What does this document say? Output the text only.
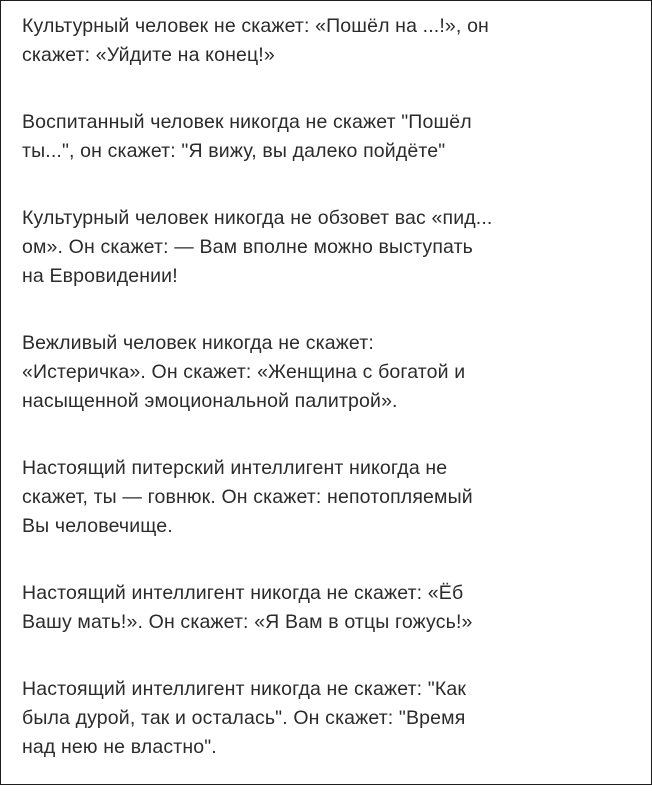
Культурный человек не скажет: «Пошёл на ...!», он
скажет: «Уйдите на конец!»
Воспитанный человек никогда не скажет "Пошёл
ты...", он скажет: "Я вижу, вы далеко пойдёте"
Культурный человек никогда не обзовет вас «пид...
ом». Он скажет: — Вам вполне можно выступать
на Евровидении!
Вежливый человек никогда не скажет:
«Истеричка». Он скажет: «Женщина с богатой и
насыщенной эмоциональной палитрой».
Настоящий питерский интеллигент никогда не
скажет, ты — говнюк. Он скажет: непотопляемый
Вы человечище.
Настоящий интеллигент никогда не скажет: «Ёб
Вашу мать!». Он скажет: «Я Вам в отцы гожусь!»
Настоящий интеллигент никогда не скажет: "Как
была дурой, так и осталась". Он скажет: "Время
над нею не властно".
